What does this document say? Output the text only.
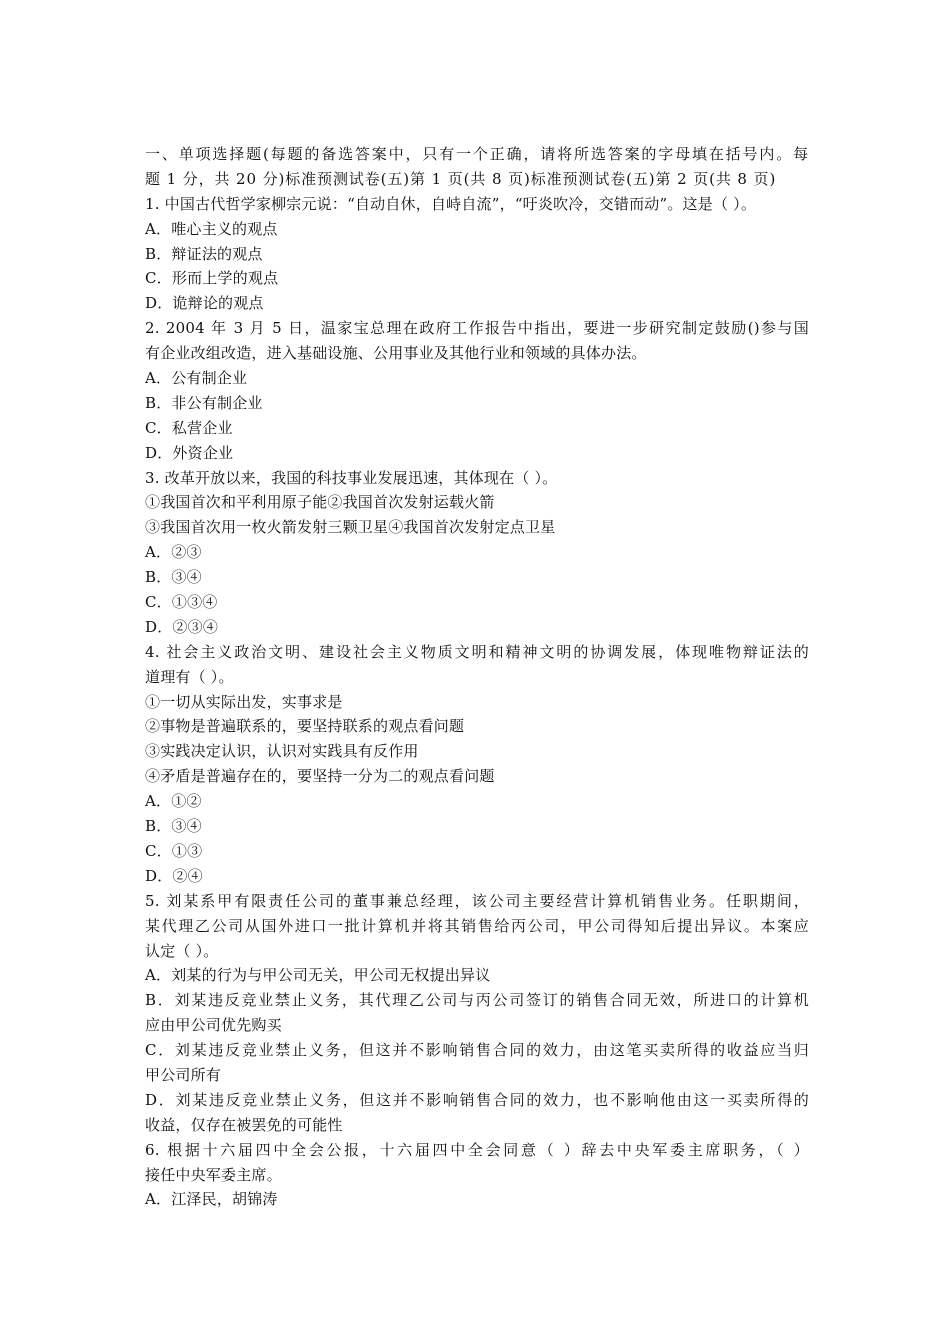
一、单项选择题(每题的备选答案中，只有一个正确，请将所选答案的字母填在括号内。每
题 1 分，共 20 分)标准预测试卷(五)第 1 页(共 8 页)标准预测试卷(五)第 2 页(共 8 页)
1. 中国古代哲学家柳宗元说：“自动自休，自峙自流”，“吁炎吹冷，交错而动”。这是（ ）。
A．唯心主义的观点
B．辩证法的观点
C．形而上学的观点
D．诡辩论的观点
2. 2004 年 3 月 5 日，温家宝总理在政府工作报告中指出，要进一步研究制定鼓励()参与国
有企业改组改造，进入基础设施、公用事业及其他行业和领域的具体办法。
A．公有制企业
B．非公有制企业
C．私营企业
D．外资企业
3. 改革开放以来，我国的科技事业发展迅速，其体现在（ ）。
①我国首次和平利用原子能②我国首次发射运载火箭
③我国首次用一枚火箭发射三颗卫星④我国首次发射定点卫星
A．②③
B．③④
C．①③④
D．②③④
4. 社会主义政治文明、建设社会主义物质文明和精神文明的协调发展，体现唯物辩证法的
道理有（ ）。
①一切从实际出发，实事求是
②事物是普遍联系的，要坚持联系的观点看问题
③实践决定认识，认识对实践具有反作用
④矛盾是普遍存在的，要坚持一分为二的观点看问题
A．①②
B．③④
C．①③
D．②④
5. 刘某系甲有限责任公司的董事兼总经理，该公司主要经营计算机销售业务。任职期间，
某代理乙公司从国外进口一批计算机并将其销售给丙公司，甲公司得知后提出异议。本案应
认定（ ）。
A．刘某的行为与甲公司无关，甲公司无权提出异议
B．刘某违反竞业禁止义务，其代理乙公司与丙公司签订的销售合同无效，所进口的计算机
应由甲公司优先购买
C．刘某违反竞业禁止义务，但这并不影响销售合同的效力，由这笔买卖所得的收益应当归
甲公司所有
D．刘某违反竞业禁止义务，但这并不影响销售合同的效力，也不影响他由这一买卖所得的
收益，仅存在被罢免的可能性
6. 根据十六届四中全会公报，十六届四中全会同意（ ）辞去中央军委主席职务，（ ）
接任中央军委主席。
A．江泽民，胡锦涛
